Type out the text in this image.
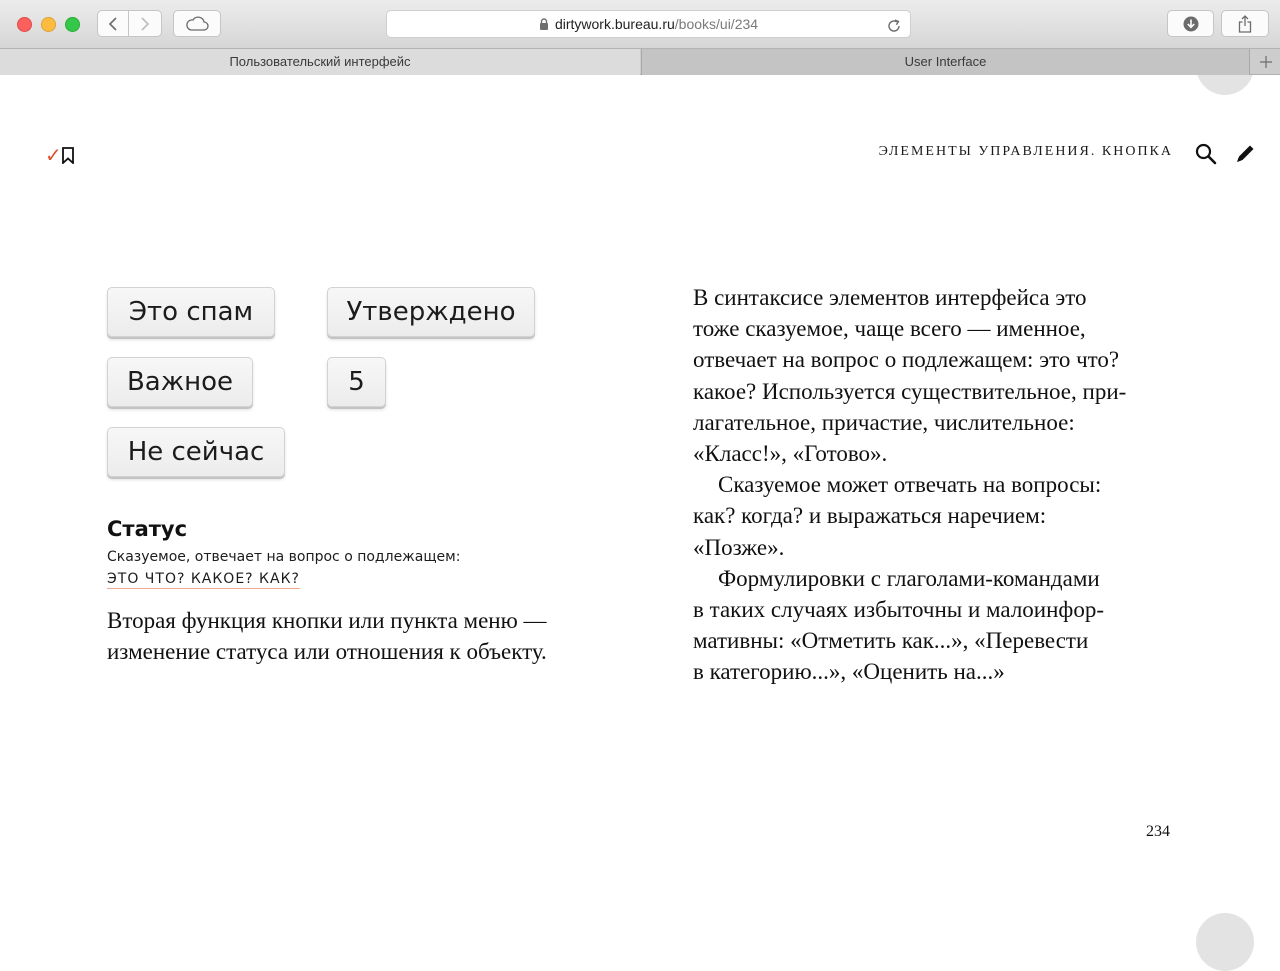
dirtywork.bureau.ru/books/ui/234
Пользовательский интерфейс	User Interface
✓	ЭЛЕМЕНТЫ УПРАВЛЕНИЯ. КНОПКА
Это спам	Утверждено
Важное	5
Не сейчас
Статус
Сказуемое, отвечает на вопрос о подлежащем:
ЭТО ЧТО? КАКОЕ? КАК?
Вторая функция кнопки или пункта меню — изменение статуса или отношения к объекту.
В синтаксисе элементов интерфейса это
тоже сказуемое, чаще всего — именное,
отвечает на вопрос о подлежащем: это что?
какое? Используется существительное, при-
лагательное, причастие, числительное:
«Класс!», «Готово».
Сказуемое может отвечать на вопросы:
как? когда? и выражаться наречием:
«Позже».
Формулировки с глаголами-командами
в таких случаях избыточны и малоинфор-
мативны: «Отметить как...», «Перевести
в категорию...», «Оценить на...»
234
